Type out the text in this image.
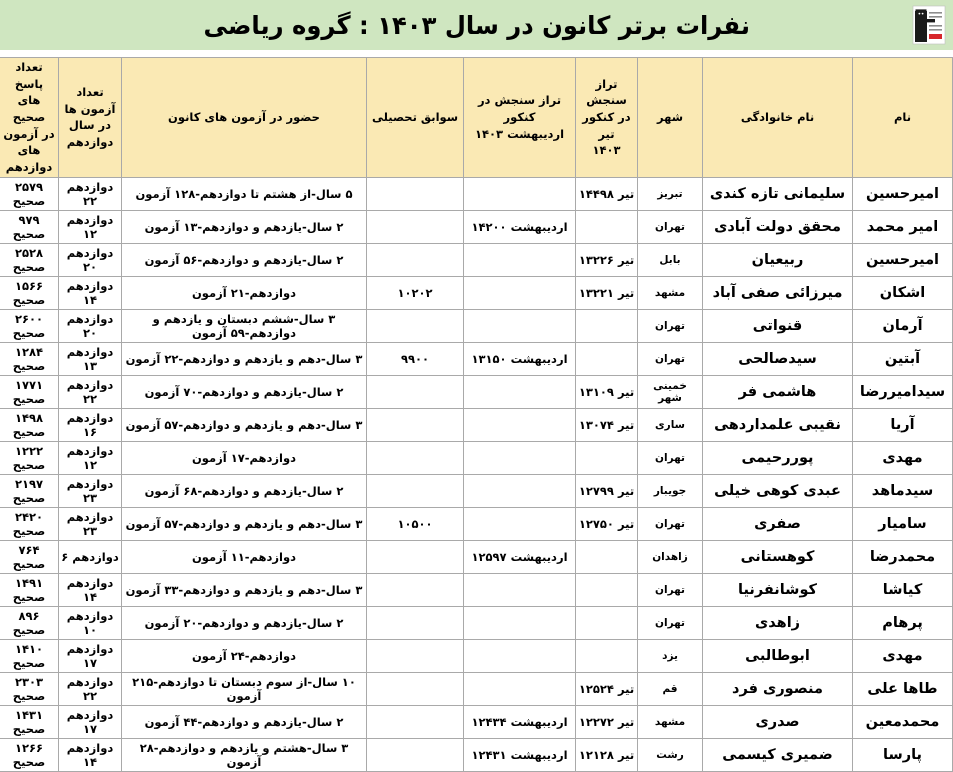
نفرات برتر کانون در سال ۱۴۰۳ : گروه ریاضی
نام	نام خانوادگی	شهر	تراز سنجش
در کنکور تیر
۱۴۰۳	تراز سنجش در کنکور
اردیبهشت ۱۴۰۳	سوابق تحصیلی	حضور در آزمون های کانون	تعداد آزمون ها
در سال دوازدهم	تعداد پاسخ های صحیح
در آزمون های دوازدهم

امیرحسین	سلیمانی تازه کندی	تبریز	تیر ۱۴۴۹۸			۵ سال-از هشتم تا دوازدهم-۱۲۸ آزمون	دوازدهم ۲۲	۲۵۷۹ صحیح
امیر محمد	محقق دولت آبادی	تهران		اردیبهشت ۱۴۲۰۰		۲ سال-یازدهم و دوازدهم-۱۳ آزمون	دوازدهم ۱۲	۹۷۹ صحیح
امیرحسین	ربیعیان	بابل	تیر ۱۳۲۲۶			۲ سال-یازدهم و دوازدهم-۵۶ آزمون	دوازدهم ۲۰	۲۵۲۸ صحیح
اشکان	میرزائی صفی آباد	مشهد	تیر ۱۳۲۲۱		۱۰۲۰۲	دوازدهم-۲۱ آزمون	دوازدهم ۱۴	۱۵۶۶ صحیح
آرمان	قنواتی	تهران				۳ سال-ششم دبستان و یازدهم و دوازدهم-۵۹ آزمون	دوازدهم ۲۰	۲۶۰۰ صحیح
آبتین	سیدصالحی	تهران		اردیبهشت ۱۳۱۵۰	۹۹۰۰	۳ سال-دهم و یازدهم و دوازدهم-۲۲ آزمون	دوازدهم ۱۳	۱۲۸۴ صحیح
سیدامیررضا	هاشمی فر	خمینی شهر	تیر ۱۳۱۰۹			۲ سال-یازدهم و دوازدهم-۷۰ آزمون	دوازدهم ۲۲	۱۷۷۱ صحیح
آریا	نقیبی علمداردهی	ساری	تیر ۱۳۰۷۴			۳ سال-دهم و یازدهم و دوازدهم-۵۷ آزمون	دوازدهم ۱۶	۱۴۹۸ صحیح
مهدی	پوررحیمی	تهران				دوازدهم-۱۷ آزمون	دوازدهم ۱۲	۱۲۲۲ صحیح
سیدماهد	عبدی کوهی خیلی	جویبار	تیر ۱۲۷۹۹			۲ سال-یازدهم و دوازدهم-۶۸ آزمون	دوازدهم ۲۳	۲۱۹۷ صحیح
سامیار	صفری	تهران	تیر ۱۲۷۵۰		۱۰۵۰۰	۳ سال-دهم و یازدهم و دوازدهم-۵۷ آزمون	دوازدهم ۲۳	۲۴۲۰ صحیح
محمدرضا	کوهستانی	زاهدان		اردیبهشت ۱۲۵۹۷		دوازدهم-۱۱ آزمون	دوازدهم ۶	۷۶۴ صحیح
کیاشا	کوشانفرنیا	تهران				۳ سال-دهم و یازدهم و دوازدهم-۳۳ آزمون	دوازدهم ۱۴	۱۴۹۱ صحیح
پرهام	زاهدی	تهران				۲ سال-یازدهم و دوازدهم-۲۰ آزمون	دوازدهم ۱۰	۸۹۶ صحیح
مهدی	ابوطالبی	یزد				دوازدهم-۲۴ آزمون	دوازدهم ۱۷	۱۴۱۰ صحیح
طاها علی	منصوری فرد	قم	تیر ۱۲۵۲۴			۱۰ سال-از سوم دبستان تا دوازدهم-۲۱۵ آزمون	دوازدهم ۲۲	۲۳۰۳ صحیح
محمدمعین	صدری	مشهد	تیر ۱۲۲۷۲	اردیبهشت ۱۲۴۳۴		۲ سال-یازدهم و دوازدهم-۴۴ آزمون	دوازدهم ۱۷	۱۴۳۱ صحیح
پارسا	ضمیری کیسمی	رشت	تیر ۱۲۱۲۸	اردیبهشت ۱۲۴۳۱		۳ سال-هشتم و یازدهم و دوازدهم-۲۸ آزمون	دوازدهم ۱۴	۱۲۶۶ صحیح
